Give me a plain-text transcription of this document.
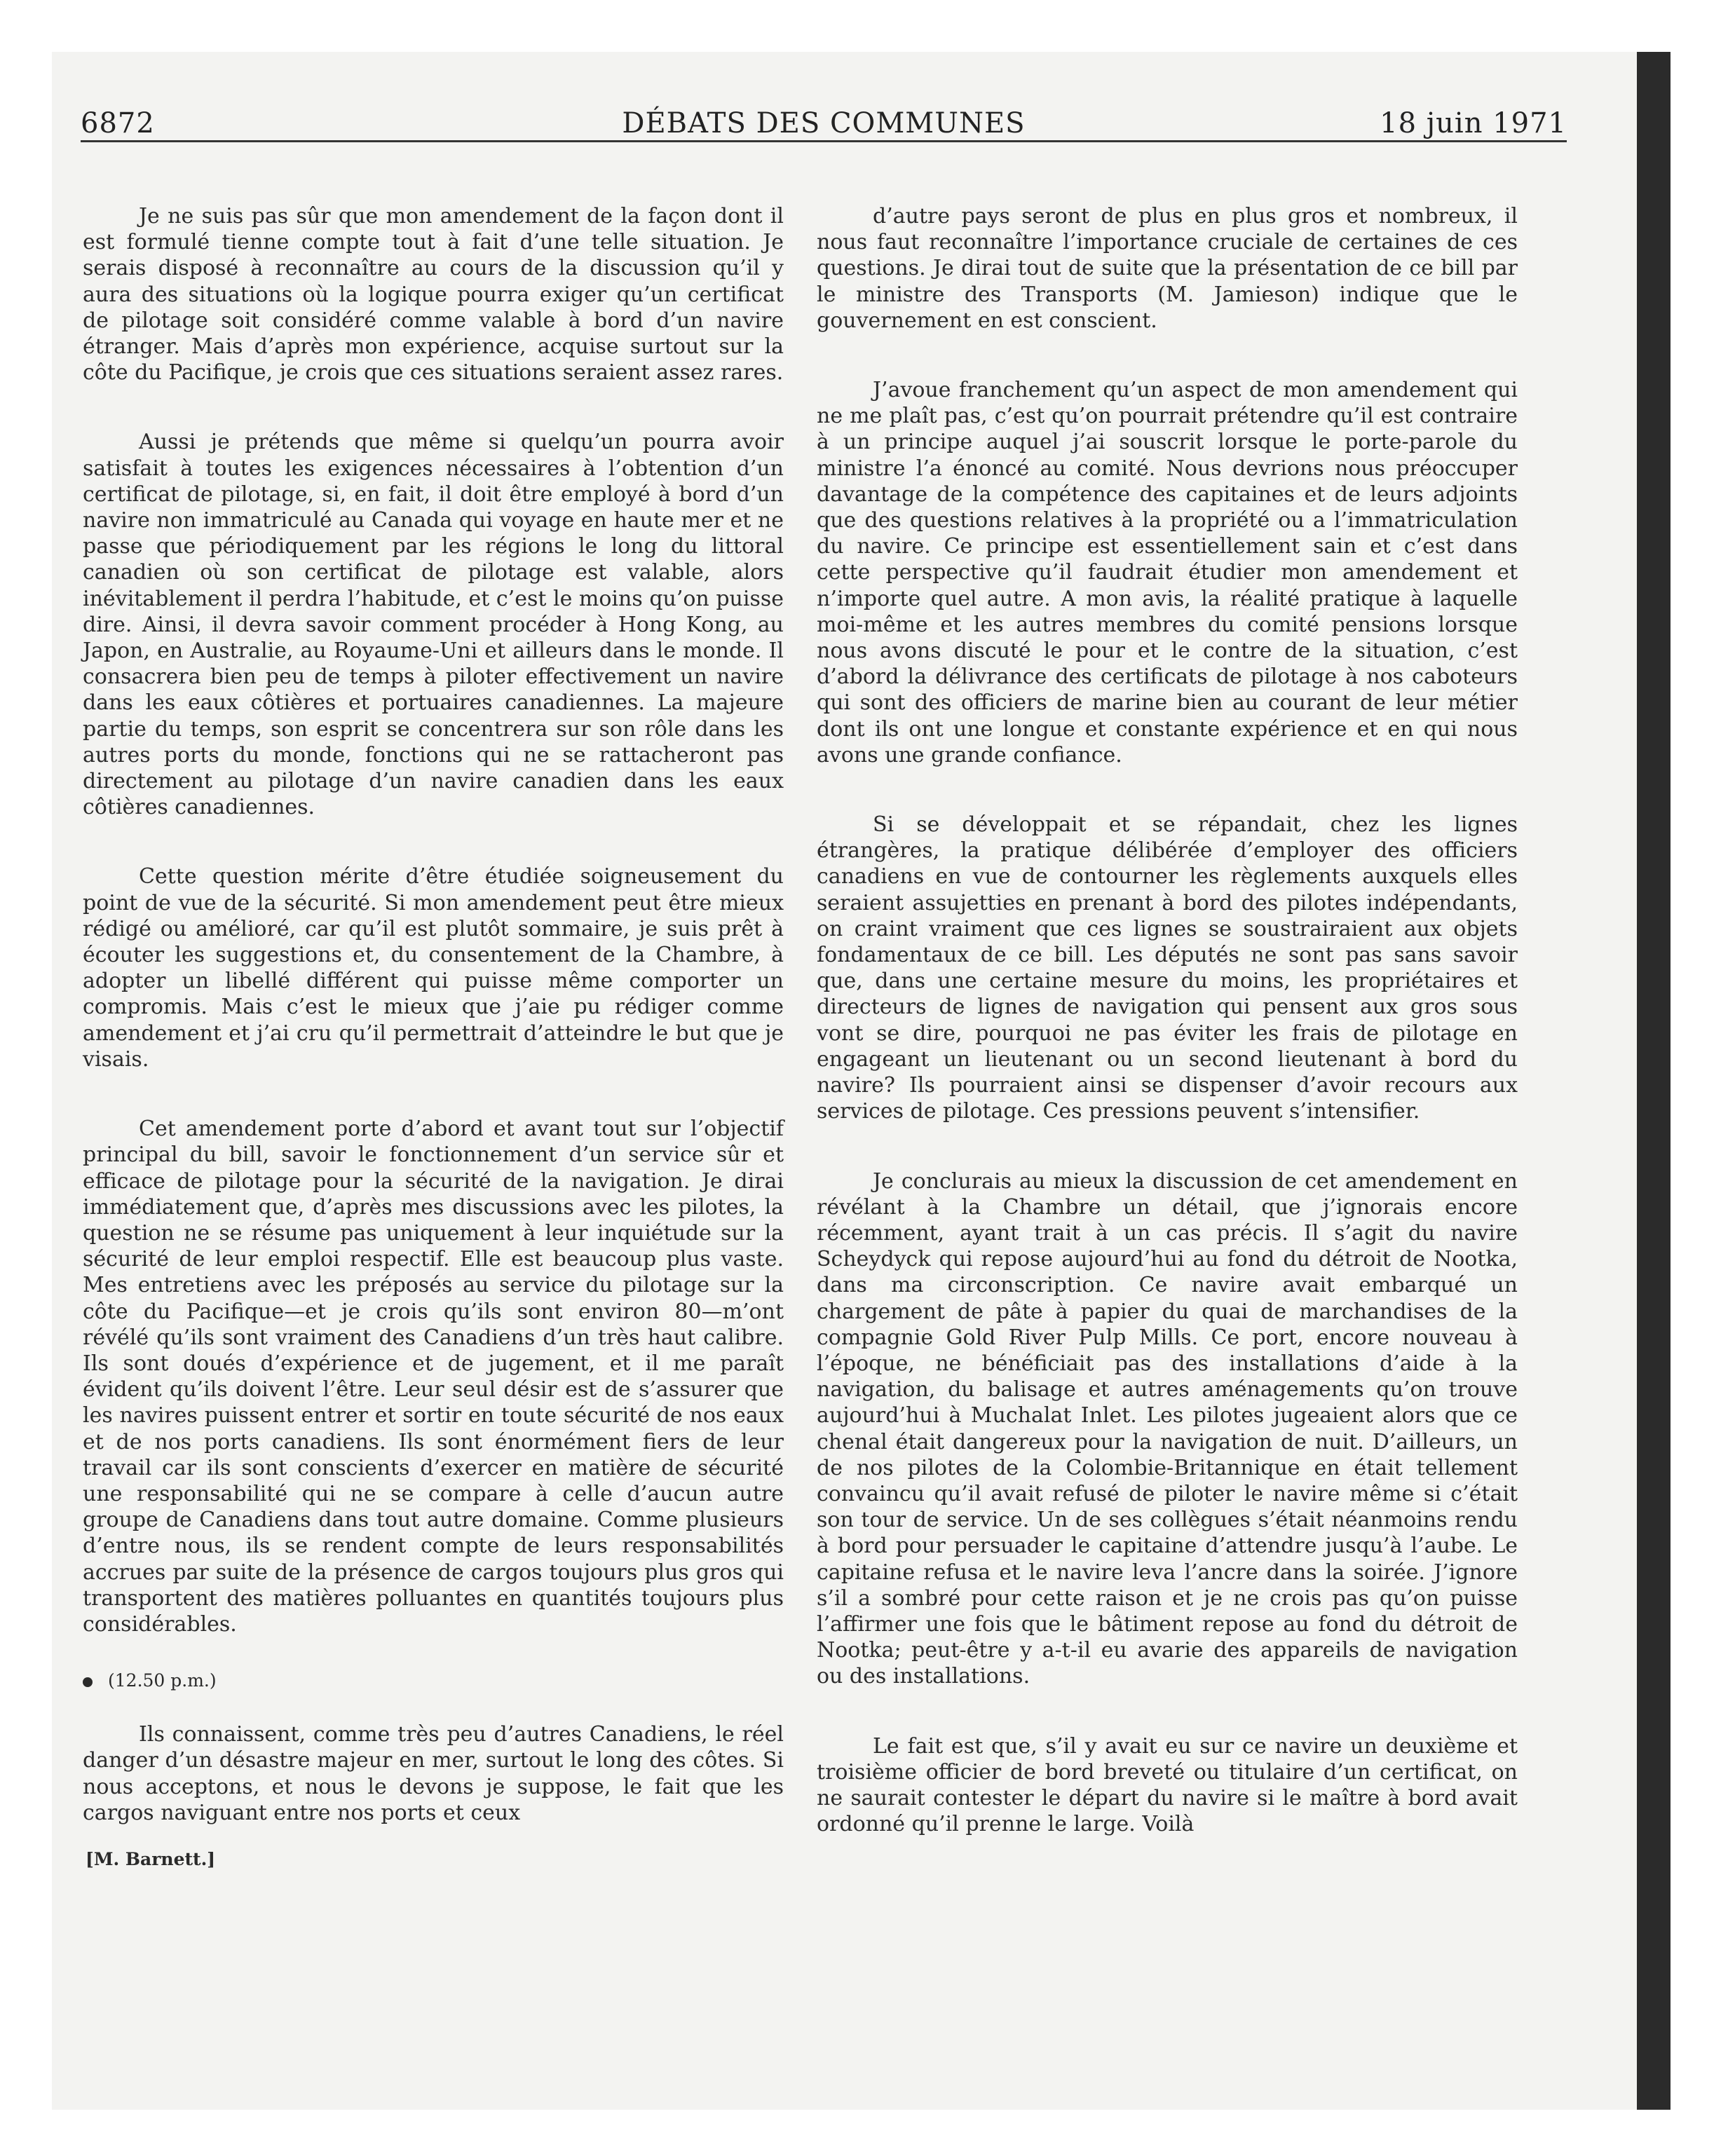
6872	DÉBATS DES COMMUNES	18 juin 1971

Je ne suis pas sûr que mon amendement de la façon dont il est formulé tienne compte tout à fait d’une telle situation. Je serais disposé à reconnaître au cours de la discussion qu’il y aura des situations où la logique pourra exiger qu’un certificat de pilotage soit considéré comme valable à bord d’un navire étranger. Mais d’après mon expérience, acquise surtout sur la côte du Pacifique, je crois que ces situations seraient assez rares.

Aussi je prétends que même si quelqu’un pourra avoir satisfait à toutes les exigences nécessaires à l’obtention d’un certificat de pilotage, si, en fait, il doit être employé à bord d’un navire non immatriculé au Canada qui voyage en haute mer et ne passe que périodiquement par les régions le long du littoral canadien où son certificat de pilotage est valable, alors inévitablement il perdra l’habitude, et c’est le moins qu’on puisse dire. Ainsi, il devra savoir comment procéder à Hong Kong, au Japon, en Australie, au Royaume-Uni et ailleurs dans le monde. Il consacrera bien peu de temps à piloter effectivement un navire dans les eaux côtières et portuaires canadiennes. La majeure partie du temps, son esprit se concentrera sur son rôle dans les autres ports du monde, fonctions qui ne se rattacheront pas directement au pilotage d’un navire canadien dans les eaux côtières canadiennes.

Cette question mérite d’être étudiée soigneusement du point de vue de la sécurité. Si mon amendement peut être mieux rédigé ou amélioré, car qu’il est plutôt sommaire, je suis prêt à écouter les suggestions et, du consentement de la Chambre, à adopter un libellé différent qui puisse même comporter un compromis. Mais c’est le mieux que j’aie pu rédiger comme amendement et j’ai cru qu’il permettrait d’atteindre le but que je visais.

Cet amendement porte d’abord et avant tout sur l’objectif principal du bill, savoir le fonctionnement d’un service sûr et efficace de pilotage pour la sécurité de la navigation. Je dirai immédiatement que, d’après mes discussions avec les pilotes, la question ne se résume pas uniquement à leur inquiétude sur la sécurité de leur emploi respectif. Elle est beaucoup plus vaste. Mes entretiens avec les préposés au service du pilotage sur la côte du Pacifique—et je crois qu’ils sont environ 80—m’ont révélé qu’ils sont vraiment des Canadiens d’un très haut calibre. Ils sont doués d’expérience et de jugement, et il me paraît évident qu’ils doivent l’être. Leur seul désir est de s’assurer que les navires puissent entrer et sortir en toute sécurité de nos eaux et de nos ports canadiens. Ils sont énormément fiers de leur travail car ils sont conscients d’exercer en matière de sécurité une responsabilité qui ne se compare à celle d’aucun autre groupe de Canadiens dans tout autre domaine. Comme plusieurs d’entre nous, ils se rendent compte de leurs responsabilités accrues par suite de la présence de cargos toujours plus gros qui transportent des matières polluantes en quantités toujours plus considérables.

(12.50 p.m.)

Ils connaissent, comme très peu d’autres Canadiens, le réel danger d’un désastre majeur en mer, surtout le long des côtes. Si nous acceptons, et nous le devons je suppose, le fait que les cargos naviguant entre nos ports et ceux

[M. Barnett.]

d’autre pays seront de plus en plus gros et nombreux, il nous faut reconnaître l’importance cruciale de certaines de ces questions. Je dirai tout de suite que la présentation de ce bill par le ministre des Transports (M. Jamieson) indique que le gouvernement en est conscient.

J’avoue franchement qu’un aspect de mon amendement qui ne me plaît pas, c’est qu’on pourrait prétendre qu’il est contraire à un principe auquel j’ai souscrit lorsque le porte-parole du ministre l’a énoncé au comité. Nous devrions nous préoccuper davantage de la compétence des capitaines et de leurs adjoints que des questions relatives à la propriété ou a l’immatriculation du navire. Ce principe est essentiellement sain et c’est dans cette perspective qu’il faudrait étudier mon amendement et n’importe quel autre. A mon avis, la réalité pratique à laquelle moi-même et les autres membres du comité pensions lorsque nous avons discuté le pour et le contre de la situation, c’est d’abord la délivrance des certificats de pilotage à nos caboteurs qui sont des officiers de marine bien au courant de leur métier dont ils ont une longue et constante expérience et en qui nous avons une grande confiance.

Si se développait et se répandait, chez les lignes étrangères, la pratique délibérée d’employer des officiers canadiens en vue de contourner les règlements auxquels elles seraient assujetties en prenant à bord des pilotes indépendants, on craint vraiment que ces lignes se soustrairaient aux objets fondamentaux de ce bill. Les députés ne sont pas sans savoir que, dans une certaine mesure du moins, les propriétaires et directeurs de lignes de navigation qui pensent aux gros sous vont se dire, pourquoi ne pas éviter les frais de pilotage en engageant un lieutenant ou un second lieutenant à bord du navire? Ils pourraient ainsi se dispenser d’avoir recours aux services de pilotage. Ces pressions peuvent s’intensifier.

Je conclurais au mieux la discussion de cet amendement en révélant à la Chambre un détail, que j’ignorais encore récemment, ayant trait à un cas précis. Il s’agit du navire Scheydyck qui repose aujourd’hui au fond du détroit de Nootka, dans ma circonscription. Ce navire avait embarqué un chargement de pâte à papier du quai de marchandises de la compagnie Gold River Pulp Mills. Ce port, encore nouveau à l’époque, ne bénéficiait pas des installations d’aide à la navigation, du balisage et autres aménagements qu’on trouve aujourd’hui à Muchalat Inlet. Les pilotes jugeaient alors que ce chenal était dangereux pour la navigation de nuit. D’ailleurs, un de nos pilotes de la Colombie-Britannique en était tellement convaincu qu’il avait refusé de piloter le navire même si c’était son tour de service. Un de ses collègues s’était néanmoins rendu à bord pour persuader le capitaine d’attendre jusqu’à l’aube. Le capitaine refusa et le navire leva l’ancre dans la soirée. J’ignore s’il a sombré pour cette raison et je ne crois pas qu’on puisse l’affirmer une fois que le bâtiment repose au fond du détroit de Nootka; peut-être y a-t-il eu avarie des appareils de navigation ou des installations.

Le fait est que, s’il y avait eu sur ce navire un deuxième et troisième officier de bord breveté ou titulaire d’un certificat, on ne saurait contester le départ du navire si le maître à bord avait ordonné qu’il prenne le large. Voilà
